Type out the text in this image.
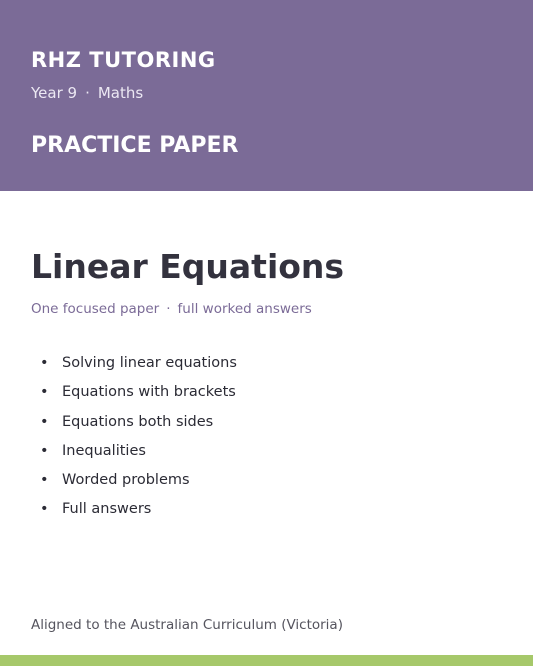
RHZ TUTORING
Year 9 · Maths
PRACTICE PAPER
Linear Equations
One focused paper · full worked answers
• Solving linear equations
• Equations with brackets
• Equations both sides
• Inequalities
• Worded problems
• Full answers
Aligned to the Australian Curriculum (Victoria)
